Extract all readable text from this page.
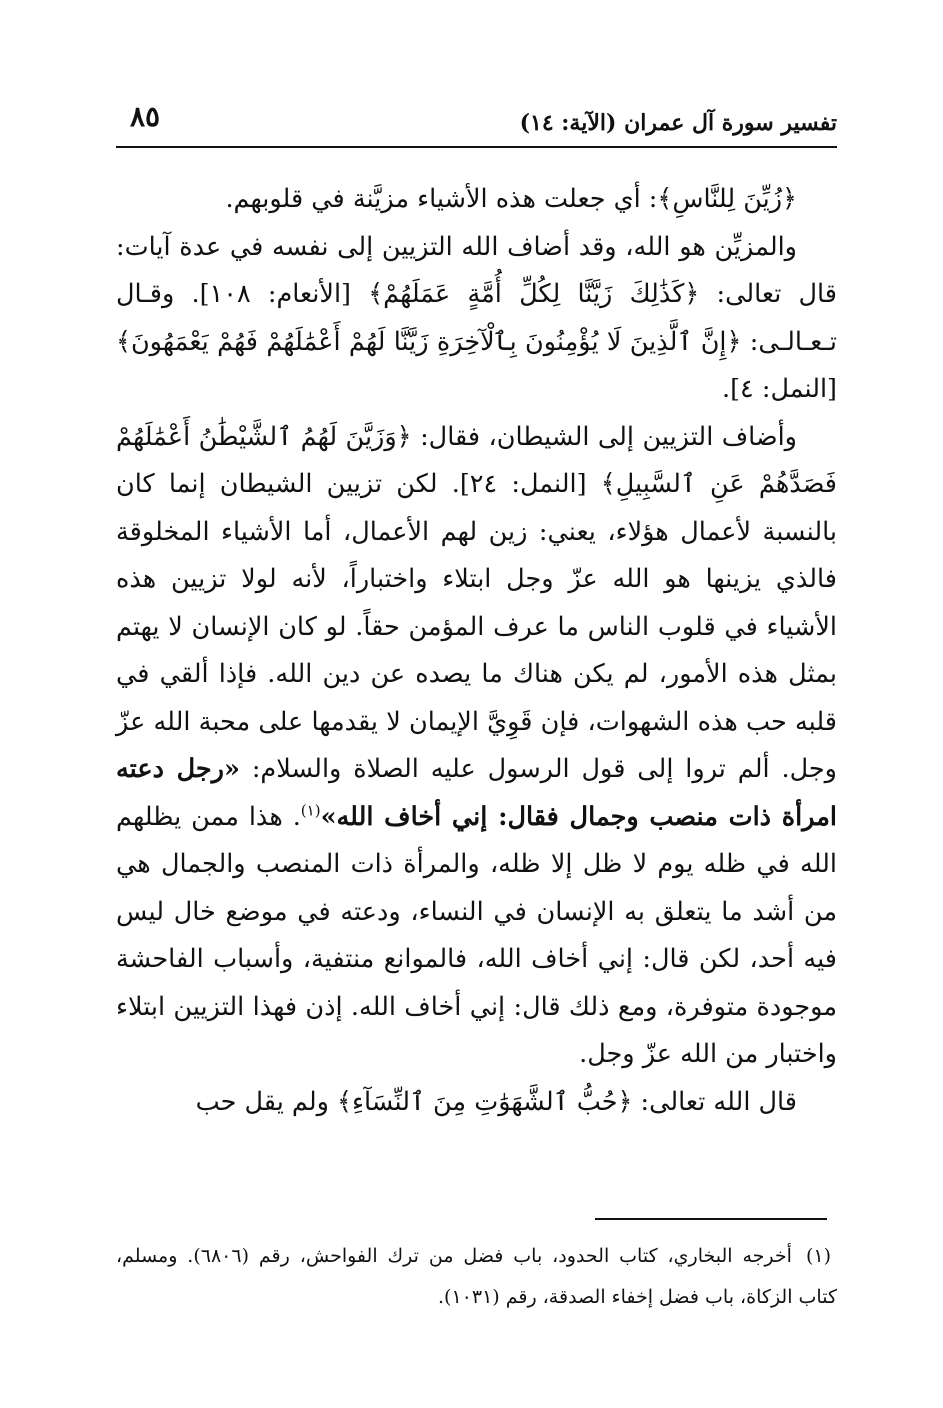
تفسير سورة آل عمران (الآية: ١٤)
٨٥

﴿زُيِّنَ لِلنَّاسِ﴾: أي جعلت هذه الأشياء مزيَّنة في قلوبهم.

والمزيِّن هو الله، وقد أضاف الله التزيين إلى نفسه في عدة آيات: قال تعالى: ﴿كَذَٰلِكَ زَيَّنَّا لِكُلِّ أُمَّةٍ عَمَلَهُمْ﴾ [الأنعام: ١٠٨]. وقـال تـعـالـى: ﴿إِنَّ ٱلَّذِينَ لَا يُؤْمِنُونَ بِٱلْآخِرَةِ زَيَّنَّا لَهُمْ أَعْمَٰلَهُمْ فَهُمْ يَعْمَهُونَ﴾ [النمل: ٤].

وأضاف التزيين إلى الشيطان، فقال: ﴿وَزَيَّنَ لَهُمُ ٱلشَّيْطَٰنُ أَعْمَٰلَهُمْ فَصَدَّهُمْ عَنِ ٱلسَّبِيلِ﴾ [النمل: ٢٤]. لكن تزيين الشيطان إنما كان بالنسبة لأعمال هؤلاء، يعني: زين لهم الأعمال، أما الأشياء المخلوقة فالذي يزينها هو الله عزّ وجل ابتلاء واختباراً، لأنه لولا تزيين هذه الأشياء في قلوب الناس ما عرف المؤمن حقاً. لو كان الإنسان لا يهتم بمثل هذه الأمور، لم يكن هناك ما يصده عن دين الله. فإذا ألقي في قلبه حب هذه الشهوات، فإن قَوِيَّ الإيمان لا يقدمها على محبة الله عزّ وجل. ألم تروا إلى قول الرسول عليه الصلاة والسلام: «رجل دعته امرأة ذات منصب وجمال فقال: إني أخاف الله»$^{(١)}$. هذا ممن يظلهم الله في ظله يوم لا ظل إلا ظله، والمرأة ذات المنصب والجمال هي من أشد ما يتعلق به الإنسان في النساء، ودعته في موضع خال ليس فيه أحد، لكن قال: إني أخاف الله، فالموانع منتفية، وأسباب الفاحشة موجودة متوفرة، ومع ذلك قال: إني أخاف الله. إذن فهذا التزيين ابتلاء واختبار من الله عزّ وجل.

قال الله تعالى: ﴿حُبُّ ٱلشَّهَوَٰتِ مِنَ ٱلنِّسَآءِ﴾ ولم يقل حب

(١)أخرجه البخاري، كتاب الحدود، باب فضل من ترك الفواحش، رقم (٦٨٠٦). ومسلم، كتاب الزكاة، باب فضل إخفاء الصدقة، رقم (١٠٣١).
